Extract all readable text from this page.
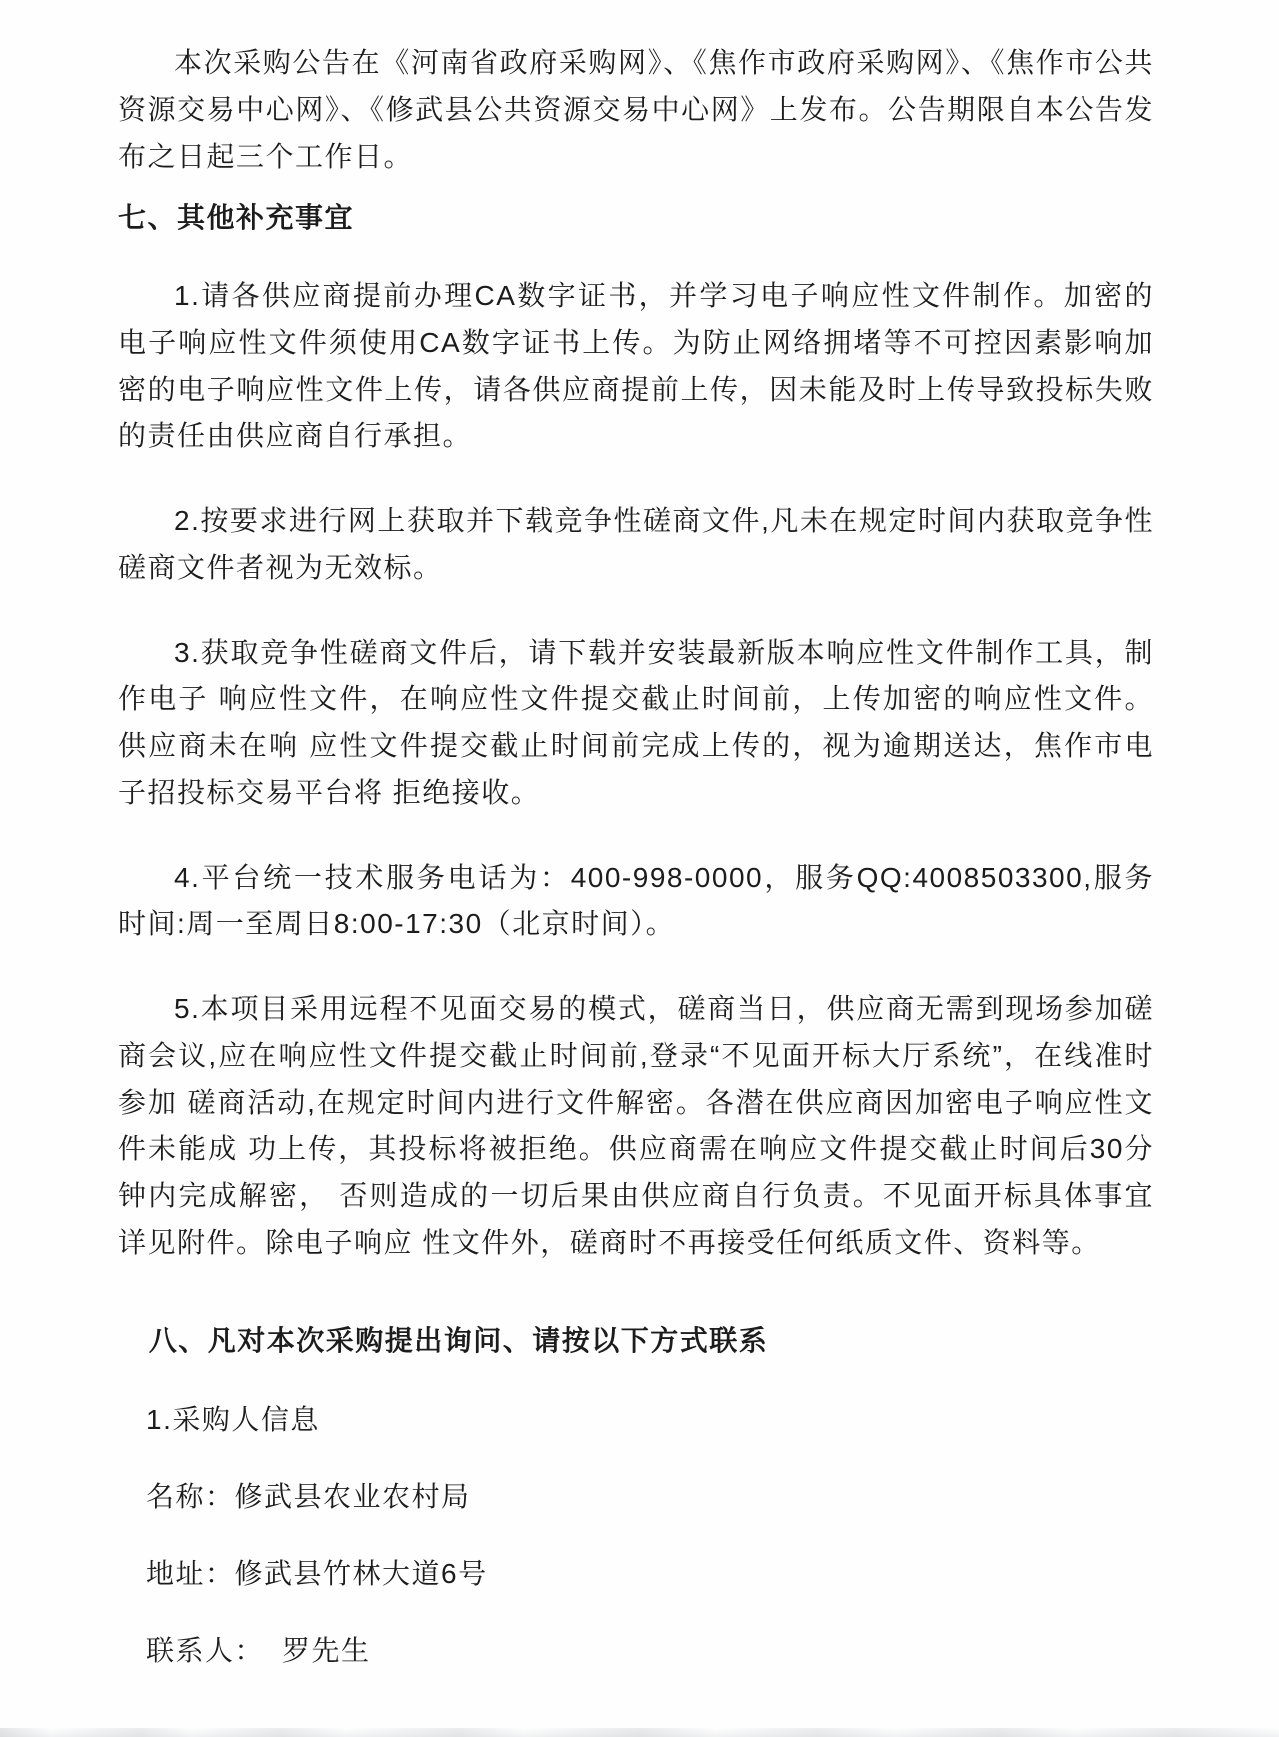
本次采购公告在《河南省政府采购网》、《焦作市政府采购网》、《焦作市公共资源交易中心网》、《修武县公共资源交易中心网》上发布。公告期限自本公告发布之日起三个工作日。

七、其他补充事宜

1.请各供应商提前办理CA数字证书，并学习电子响应性文件制作。加密的电子响应性文件须使用CA数字证书上传。为防止网络拥堵等不可控因素影响加密的电子响应性文件上传，请各供应商提前上传，因未能及时上传导致投标失败的责任由供应商自行承担。

2.按要求进行网上获取并下载竞争性磋商文件,凡未在规定时间内获取竞争性磋商文件者视为无效标。

3.获取竞争性磋商文件后，请下载并安装最新版本响应性文件制作工具，制作电子 响应性文件，在响应性文件提交截止时间前，上传加密的响应性文件。供应商未在响 应性文件提交截止时间前完成上传的，视为逾期送达，焦作市电子招投标交易平台将 拒绝接收。

4.平台统一技术服务电话为：400-998-0000，服务QQ:4008503300,服务时间:周一至周日8:00-17:30（北京时间）。

5.本项目采用远程不见面交易的模式，磋商当日，供应商无需到现场参加磋商会议,应在响应性文件提交截止时间前,登录“不见面开标大厅系统”，在线准时参加 磋商活动,在规定时间内进行文件解密。各潜在供应商因加密电子响应性文件未能成 功上传，其投标将被拒绝。供应商需在响应文件提交截止时间后30分钟内完成解密， 否则造成的一切后果由供应商自行负责。不见面开标具体事宜详见附件。除电子响应 性文件外，磋商时不再接受任何纸质文件、资料等。

八、凡对本次采购提出询问、请按以下方式联系

1.采购人信息

名称：修武县农业农村局

地址：修武县竹林大道6号

联系人： 罗先生
